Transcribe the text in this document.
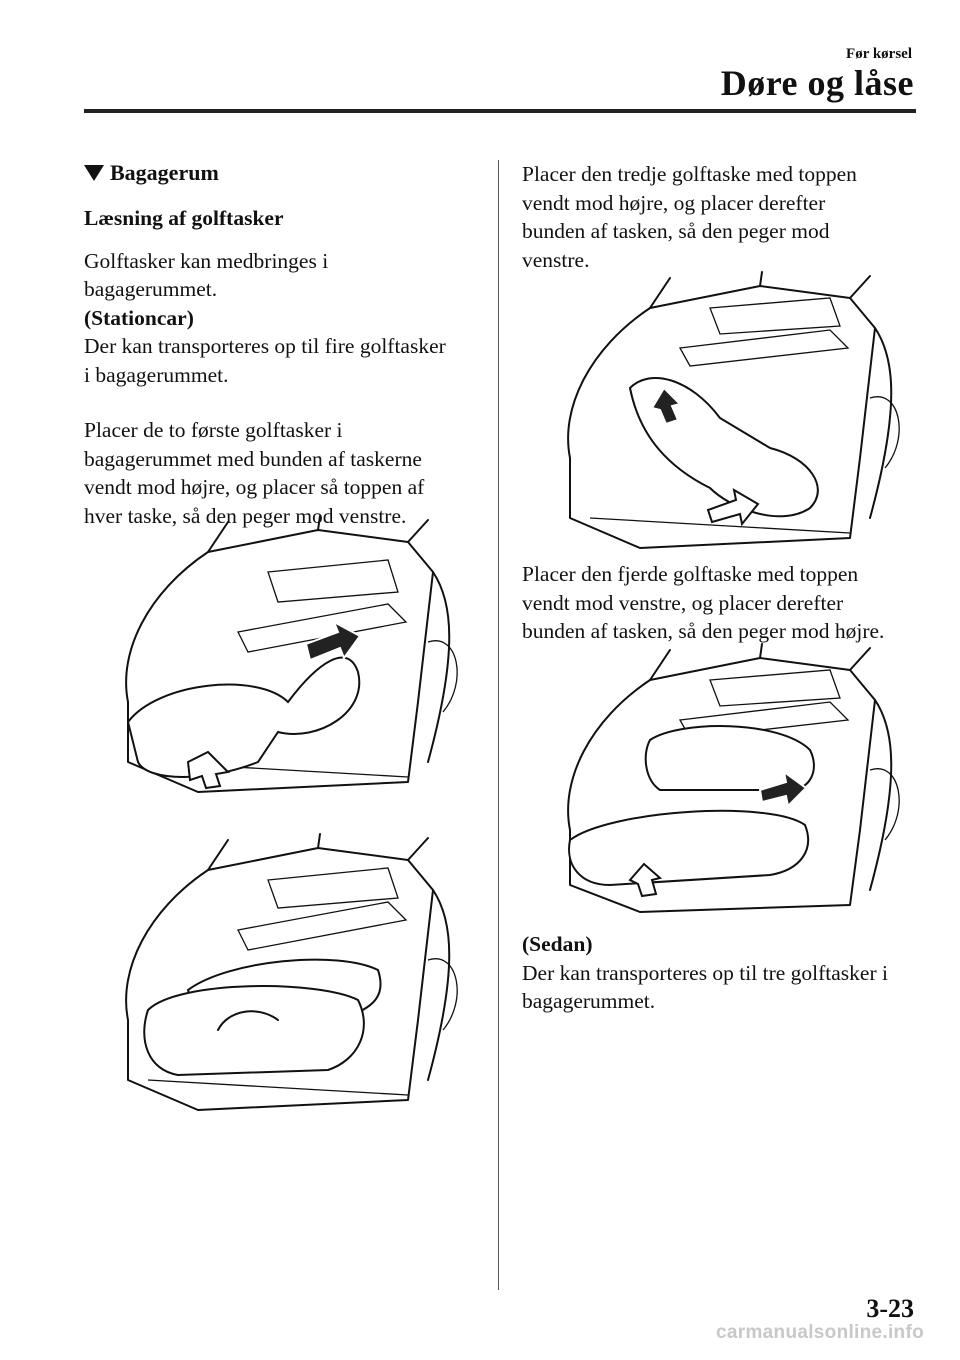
Før kørsel
Døre og låse
Bagagerum

Læsning af golftasker

Golftasker kan medbringes i

bagagerummet.

(Stationcar)

Der kan transporteres op til fire golftasker

i bagagerummet.

Placer de to første golftasker i

bagagerummet med bunden af taskerne

vendt mod højre, og placer så toppen af

hver taske, så den peger mod venstre.

Placer den tredje golftaske med toppen

vendt mod højre, og placer derefter

bunden af tasken, så den peger mod

venstre.

Placer den fjerde golftaske med toppen

vendt mod venstre, og placer derefter

bunden af tasken, så den peger mod højre.

(Sedan)

Der kan transporteres op til tre golftasker i

bagagerummet.

3-23
carmanualsonline.info
